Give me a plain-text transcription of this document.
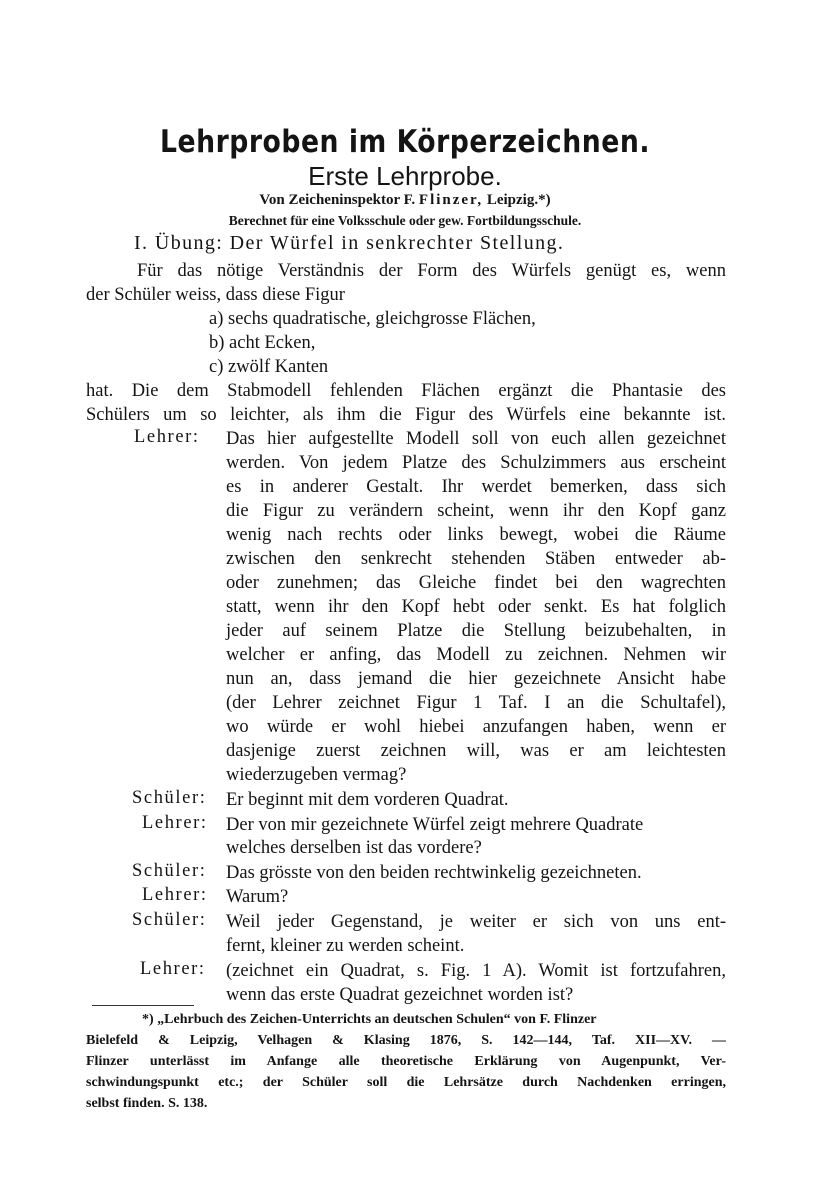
Lehrproben im Körperzeichnen.
Erste Lehrprobe.
Von Zeicheninspektor F. Flinzer, Leipzig.*)
Berechnet für eine Volksschule oder gew. Fortbildungsschule.
I. Übung: Der Würfel in senkrechter Stellung.
Für das nötige Verständnis der Form des Würfels genügt es, wenn
der Schüler weiss, dass diese Figur
a) sechs quadratische, gleichgrosse Flächen,
b) acht Ecken,
c) zwölf Kanten
hat. Die dem Stabmodell fehlenden Flächen ergänzt die Phantasie des
Schülers um so leichter, als ihm die Figur des Würfels eine bekannte ist.
Lehrer: Das hier aufgestellte Modell soll von euch allen gezeichnet
werden. Von jedem Platze des Schulzimmers aus erscheint
es in anderer Gestalt. Ihr werdet bemerken, dass sich
die Figur zu verändern scheint, wenn ihr den Kopf ganz
wenig nach rechts oder links bewegt, wobei die Räume
zwischen den senkrecht stehenden Stäben entweder ab-
oder zunehmen; das Gleiche findet bei den wagrechten
statt, wenn ihr den Kopf hebt oder senkt. Es hat folglich
jeder auf seinem Platze die Stellung beizubehalten, in
welcher er anfing, das Modell zu zeichnen. Nehmen wir
nun an, dass jemand die hier gezeichnete Ansicht habe
(der Lehrer zeichnet Figur 1 Taf. I an die Schultafel),
wo würde er wohl hiebei anzufangen haben, wenn er
dasjenige zuerst zeichnen will, was er am leichtesten
wiederzugeben vermag?
Schüler: Er beginnt mit dem vorderen Quadrat.
Lehrer: Der von mir gezeichnete Würfel zeigt mehrere Quadrate
welches derselben ist das vordere?
Schüler: Das grösste von den beiden rechtwinkelig gezeichneten.
Lehrer: Warum?
Schüler: Weil jeder Gegenstand, je weiter er sich von uns ent-
fernt, kleiner zu werden scheint.
Lehrer: (zeichnet ein Quadrat, s. Fig. 1 A). Womit ist fortzufahren,
wenn das erste Quadrat gezeichnet worden ist?
*) „Lehrbuch des Zeichen-Unterrichts an deutschen Schulen“ von F. Flinzer
Bielefeld & Leipzig, Velhagen & Klasing 1876, S. 142—144, Taf. XII—XV. —
Flinzer unterlässt im Anfange alle theoretische Erklärung von Augenpunkt, Ver-
schwindungspunkt etc.; der Schüler soll die Lehrsätze durch Nachdenken erringen,
selbst finden. S. 138.
